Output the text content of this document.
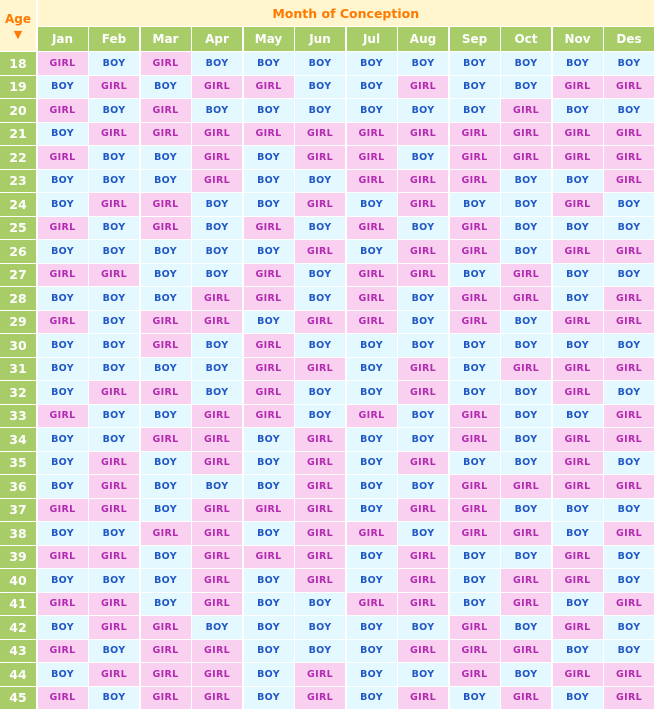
Age
▼
Month of Conception
Jan	Feb	Mar	Apr	May	Jun	Jul	Aug	Sep	Oct	Nov	Des
18	GIRL	BOY	GIRL	BOY	BOY	BOY	BOY	BOY	BOY	BOY	BOY	BOY
19	BOY	GIRL	BOY	GIRL	GIRL	BOY	BOY	GIRL	BOY	BOY	GIRL	GIRL
20	GIRL	BOY	GIRL	BOY	BOY	BOY	BOY	BOY	BOY	GIRL	BOY	BOY
21	BOY	GIRL	GIRL	GIRL	GIRL	GIRL	GIRL	GIRL	GIRL	GIRL	GIRL	GIRL
22	GIRL	BOY	BOY	GIRL	BOY	GIRL	GIRL	BOY	GIRL	GIRL	GIRL	GIRL
23	BOY	BOY	BOY	GIRL	BOY	BOY	GIRL	GIRL	GIRL	BOY	BOY	GIRL
24	BOY	GIRL	GIRL	BOY	BOY	GIRL	BOY	GIRL	BOY	BOY	GIRL	BOY
25	GIRL	BOY	GIRL	BOY	GIRL	BOY	GIRL	BOY	GIRL	BOY	BOY	BOY
26	BOY	BOY	BOY	BOY	BOY	GIRL	BOY	GIRL	GIRL	BOY	GIRL	GIRL
27	GIRL	GIRL	BOY	BOY	GIRL	BOY	GIRL	GIRL	BOY	GIRL	BOY	BOY
28	BOY	BOY	BOY	GIRL	GIRL	BOY	GIRL	BOY	GIRL	GIRL	BOY	GIRL
29	GIRL	BOY	GIRL	GIRL	BOY	GIRL	GIRL	BOY	GIRL	BOY	GIRL	GIRL
30	BOY	BOY	GIRL	BOY	GIRL	BOY	BOY	BOY	BOY	BOY	BOY	BOY
31	BOY	BOY	BOY	BOY	GIRL	GIRL	BOY	GIRL	BOY	GIRL	GIRL	GIRL
32	BOY	GIRL	GIRL	BOY	GIRL	BOY	BOY	GIRL	BOY	BOY	GIRL	BOY
33	GIRL	BOY	BOY	GIRL	GIRL	BOY	GIRL	BOY	GIRL	BOY	BOY	GIRL
34	BOY	BOY	GIRL	GIRL	BOY	GIRL	BOY	BOY	GIRL	BOY	GIRL	GIRL
35	BOY	GIRL	BOY	GIRL	BOY	GIRL	BOY	GIRL	BOY	BOY	GIRL	BOY
36	BOY	GIRL	BOY	BOY	BOY	GIRL	BOY	BOY	GIRL	GIRL	GIRL	GIRL
37	GIRL	GIRL	BOY	GIRL	GIRL	GIRL	BOY	GIRL	GIRL	BOY	BOY	BOY
38	BOY	BOY	GIRL	GIRL	BOY	GIRL	GIRL	BOY	GIRL	GIRL	BOY	GIRL
39	GIRL	GIRL	BOY	GIRL	GIRL	GIRL	BOY	GIRL	BOY	BOY	GIRL	BOY
40	BOY	BOY	BOY	GIRL	BOY	GIRL	BOY	GIRL	BOY	GIRL	GIRL	BOY
41	GIRL	GIRL	BOY	GIRL	BOY	BOY	GIRL	GIRL	BOY	GIRL	BOY	GIRL
42	BOY	GIRL	GIRL	BOY	BOY	BOY	BOY	BOY	GIRL	BOY	GIRL	BOY
43	GIRL	BOY	GIRL	GIRL	BOY	BOY	BOY	GIRL	GIRL	GIRL	BOY	BOY
44	BOY	GIRL	GIRL	GIRL	BOY	GIRL	BOY	BOY	GIRL	BOY	GIRL	GIRL
45	GIRL	BOY	GIRL	GIRL	BOY	GIRL	BOY	GIRL	BOY	GIRL	BOY	GIRL
